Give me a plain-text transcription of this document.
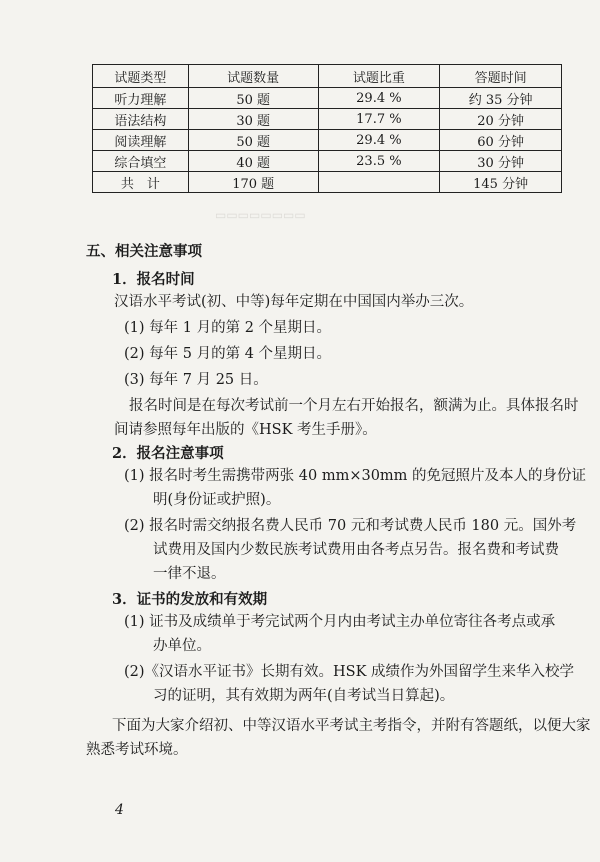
▭▭▭▭▭▭▭▭
试题类型	试题数量	试题比重	答题时间
听力理解	50 题	29.4 %	约 35 分钟
语法结构	30 题	17.7 %	20 分钟
阅读理解	50 题	29.4 %	60 分钟
综合填空	40 题	23.5 %	30 分钟
共　计	170 题		145 分钟
五、相关注意事项
1．报名时间
汉语水平考试(初、中等)每年定期在中国国内举办三次。
(1) 每年 1 月的第 2 个星期日。
(2) 每年 5 月的第 4 个星期日。
(3) 每年 7 月 25 日。
报名时间是在每次考试前一个月左右开始报名，额满为止。具体报名时
间请参照每年出版的《HSK 考生手册》。
2．报名注意事项
(1) 报名时考生需携带两张 40 mm×30mm 的免冠照片及本人的身份证
明(身份证或护照)。
(2) 报名时需交纳报名费人民币 70 元和考试费人民币 180 元。国外考
试费用及国内少数民族考试费用由各考点另告。报名费和考试费
一律不退。
3．证书的发放和有效期
(1) 证书及成绩单于考完试两个月内由考试主办单位寄往各考点或承
办单位。
(2)《汉语水平证书》长期有效。HSK 成绩作为外国留学生来华入校学
习的证明，其有效期为两年(自考试当日算起)。
下面为大家介绍初、中等汉语水平考试主考指令，并附有答题纸，以便大家
熟悉考试环境。
4
